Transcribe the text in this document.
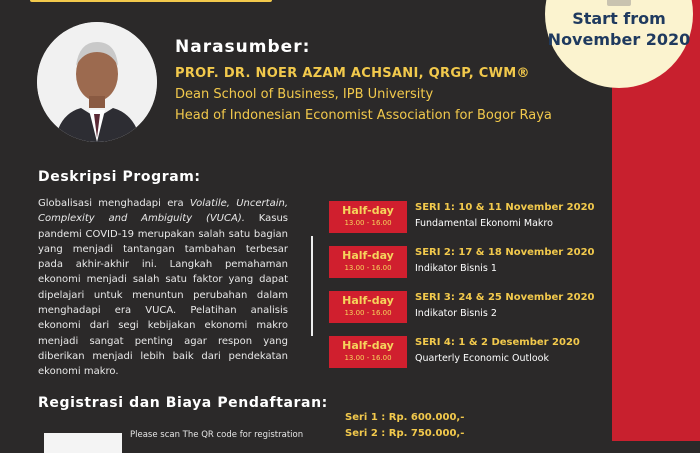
Start from
November 2020
Narasumber:
PROF. DR. NOER AZAM ACHSANI, QRGP, CWM®
Dean School of Business, IPB University
Head of Indonesian Economist Association for Bogor Raya
Deskripsi Program:
Globalisasi menghadapi era Volatile, Uncertain, Complexity and Ambiguity (VUCA). Kasus pandemi COVID-19 merupakan salah satu bagian yang menjadi tantangan tambahan terbesar pada akhir-akhir ini. Langkah pemahaman ekonomi menjadi salah satu faktor yang dapat dipelajari untuk menuntun perubahan dalam menghadapi era VUCA. Pelatihan analisis ekonomi dari segi kebijakan ekonomi makro menjadi sangat penting agar respon yang diberikan menjadi lebih baik dari pendekatan ekonomi makro.
Half-day
13.00 - 16.00
SERI 1: 10 & 11 November 2020
Fundamental Ekonomi Makro
Half-day
13.00 - 16.00
SERI 2: 17 & 18 November 2020
Indikator Bisnis 1
Half-day
13.00 - 16.00
SERI 3: 24 & 25 November 2020
Indikator Bisnis 2
Half-day
13.00 - 16.00
SERI 4: 1 & 2 Desember 2020
Quarterly Economic Outlook
Registrasi dan Biaya Pendaftaran:
Please scan The QR code for registration
Seri 1 : Rp. 600.000,-
Seri 2 : Rp. 750.000,-
